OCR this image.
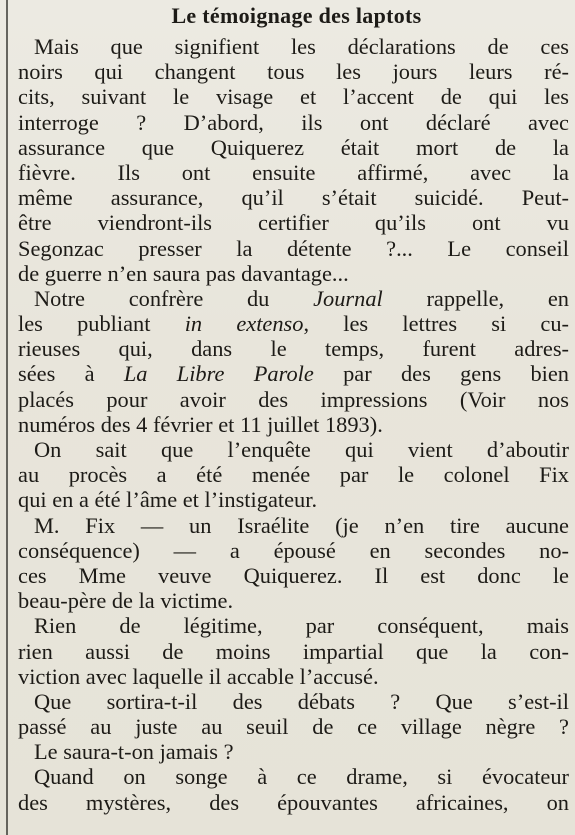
Le témoignage des laptots
Mais que signifient les déclarations de ces
noirs qui changent tous les jours leurs ré-
cits, suivant le visage et l’accent de qui les
interroge ? D’abord, ils ont déclaré avec
assurance que Quiquerez était mort de la
fièvre. Ils ont ensuite affirmé, avec la
même assurance, qu’il s’était suicidé. Peut-
être viendront-ils certifier qu’ils ont vu
Segonzac presser la détente ?... Le conseil
de guerre n’en saura pas davantage...
Notre confrère du Journal rappelle, en
les publiant in extenso, les lettres si cu-
rieuses qui, dans le temps, furent adres-
sées à La Libre Parole par des gens bien
placés pour avoir des impressions (Voir nos
numéros des 4 février et 11 juillet 1893).
On sait que l’enquête qui vient d’aboutir
au procès a été menée par le colonel Fix
qui en a été l’âme et l’instigateur.
M. Fix — un Israélite (je n’en tire aucune
conséquence) — a épousé en secondes no-
ces Mme veuve Quiquerez. Il est donc le
beau-père de la victime.
Rien de légitime, par conséquent, mais
rien aussi de moins impartial que la con-
viction avec laquelle il accable l’accusé.
Que sortira-t-il des débats ? Que s’est-il
passé au juste au seuil de ce village nègre ?
Le saura-t-on jamais ?
Quand on songe à ce drame, si évocateur
des mystères, des épouvantes africaines, on
